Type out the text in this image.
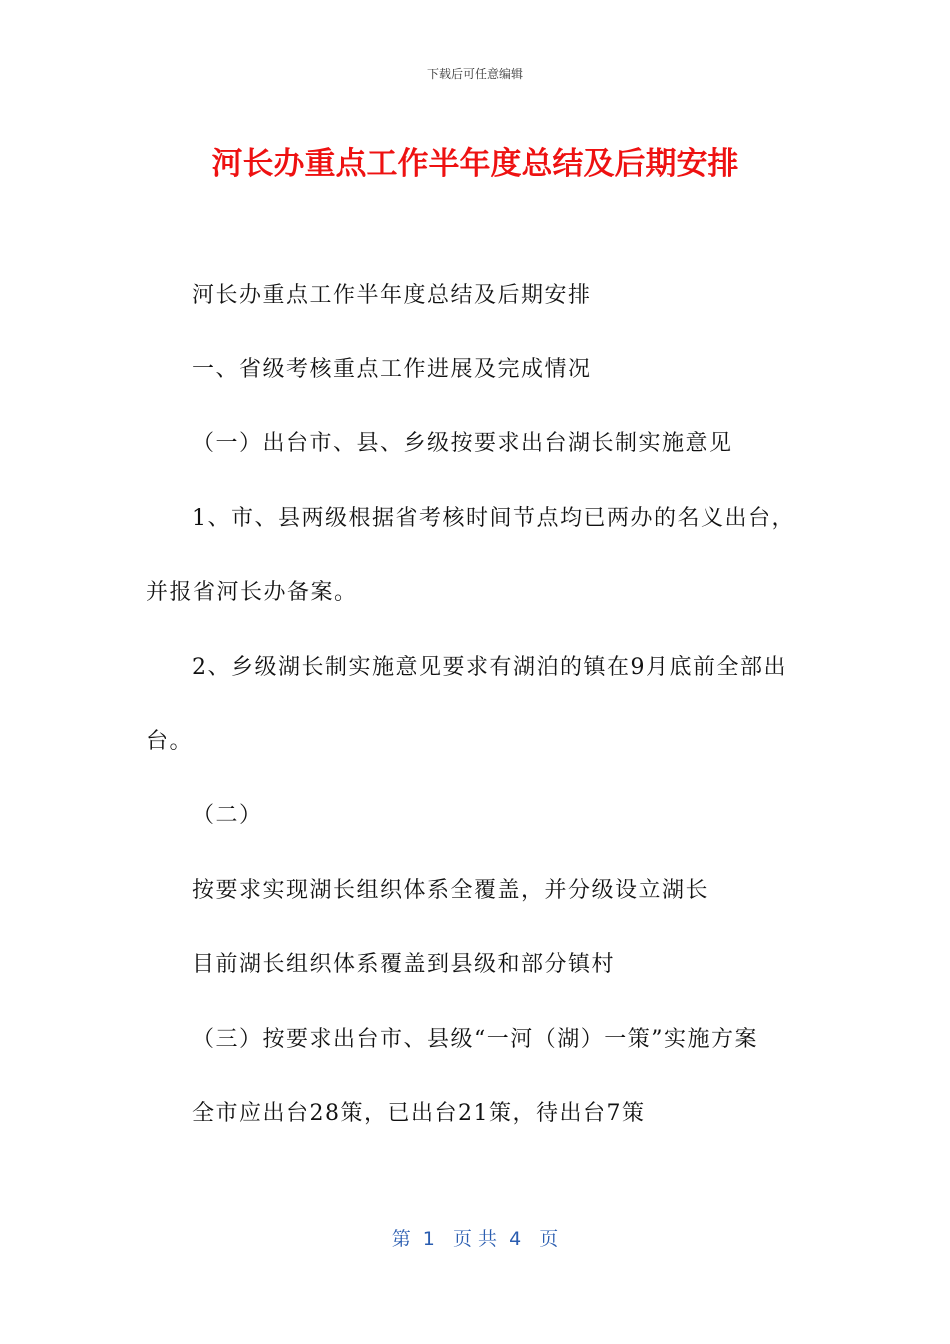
下载后可任意编辑
河长办重点工作半年度总结及后期安排
河长办重点工作半年度总结及后期安排
一、省级考核重点工作进展及完成情况
（一）出台市、县、乡级按要求出台湖长制实施意见
1、市、县两级根据省考核时间节点均已两办的名义出台，
并报省河长办备案。
2、乡级湖长制实施意见要求有湖泊的镇在9月底前全部出
台。
（二）
按要求实现湖长组织体系全覆盖，并分级设立湖长
目前湖长组织体系覆盖到县级和部分镇村
（三）按要求出台市、县级“一河（湖）一策”实施方案
全市应出台28策，已出台21策，待出台7策
第  1   页 共  4   页
